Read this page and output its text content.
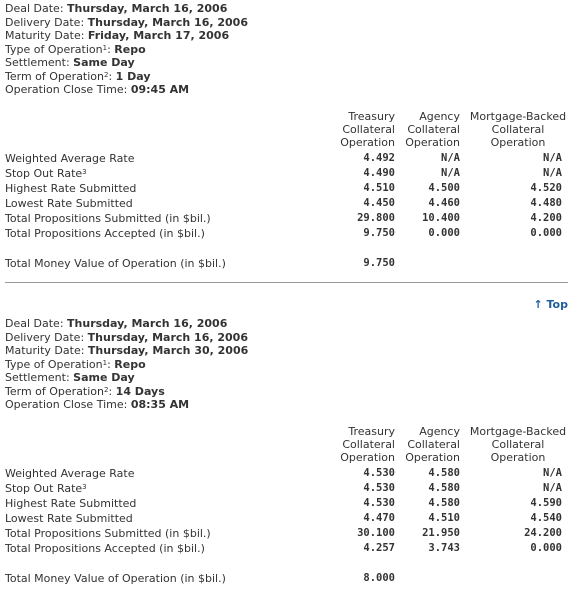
Deal Date: Thursday, March 16, 2006
Delivery Date: Thursday, March 16, 2006
Maturity Date: Friday, March 17, 2006
Type of Operation$^1$: Repo
Settlement: Same Day
Term of Operation$^2$: 1 Day
Operation Close Time: 09:45 AM
Treasury
Collateral
Operation
Agency
Collateral
Operation
Mortgage-Backed
Collateral
Operation
Weighted Average Rate	4.492	N/A	N/A
Stop Out Rate$^3$	4.490	N/A	N/A
Highest Rate Submitted	4.510	4.500	4.520
Lowest Rate Submitted	4.450	4.460	4.480
Total Propositions Submitted (in $bil.)	29.800	10.400	4.200
Total Propositions Accepted (in $bil.)	9.750	0.000	0.000
Total Money Value of Operation (in $bil.)	9.750
↑ Top
Deal Date: Thursday, March 16, 2006
Delivery Date: Thursday, March 16, 2006
Maturity Date: Thursday, March 30, 2006
Type of Operation$^1$: Repo
Settlement: Same Day
Term of Operation$^2$: 14 Days
Operation Close Time: 08:35 AM
Treasury
Collateral
Operation
Agency
Collateral
Operation
Mortgage-Backed
Collateral
Operation
Weighted Average Rate	4.530	4.580	N/A
Stop Out Rate$^3$	4.530	4.580	N/A
Highest Rate Submitted	4.530	4.580	4.590
Lowest Rate Submitted	4.470	4.510	4.540
Total Propositions Submitted (in $bil.)	30.100	21.950	24.200
Total Propositions Accepted (in $bil.)	4.257	3.743	0.000
Total Money Value of Operation (in $bil.)	8.000
